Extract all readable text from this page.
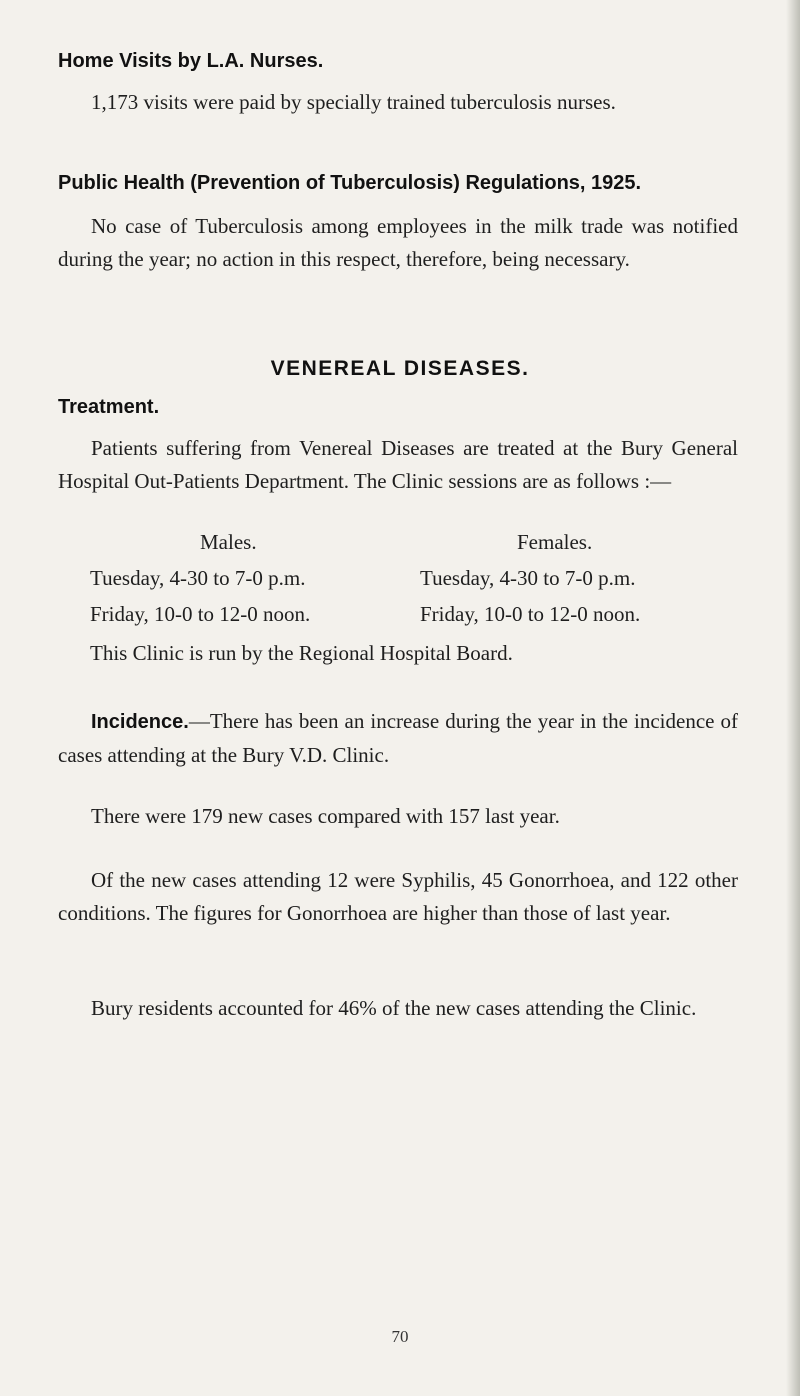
Home Visits by L.A. Nurses.
1,173 visits were paid by specially trained tuberculosis nurses.
Public Health (Prevention of Tuberculosis) Regulations, 1925.
No case of Tuberculosis among employees in the milk trade was notified during the year; no action in this respect, therefore, being necessary.
VENEREAL DISEASES.
Treatment.
Patients suffering from Venereal Diseases are treated at the Bury General Hospital Out-Patients Department. The Clinic sessions are as follows :—
Males.	Females.
Tuesday, 4-30 to 7-0 p.m.	Tuesday, 4-30 to 7-0 p.m.
Friday, 10-0 to 12-0 noon.	Friday, 10-0 to 12-0 noon.
This Clinic is run by the Regional Hospital Board.
Incidence.—There has been an increase during the year in the incidence of cases attending at the Bury V.D. Clinic.
There were 179 new cases compared with 157 last year.
Of the new cases attending 12 were Syphilis, 45 Gonorrhoea, and 122 other conditions. The figures for Gonorrhoea are higher than those of last year.
Bury residents accounted for 46% of the new cases attending the Clinic.
70
